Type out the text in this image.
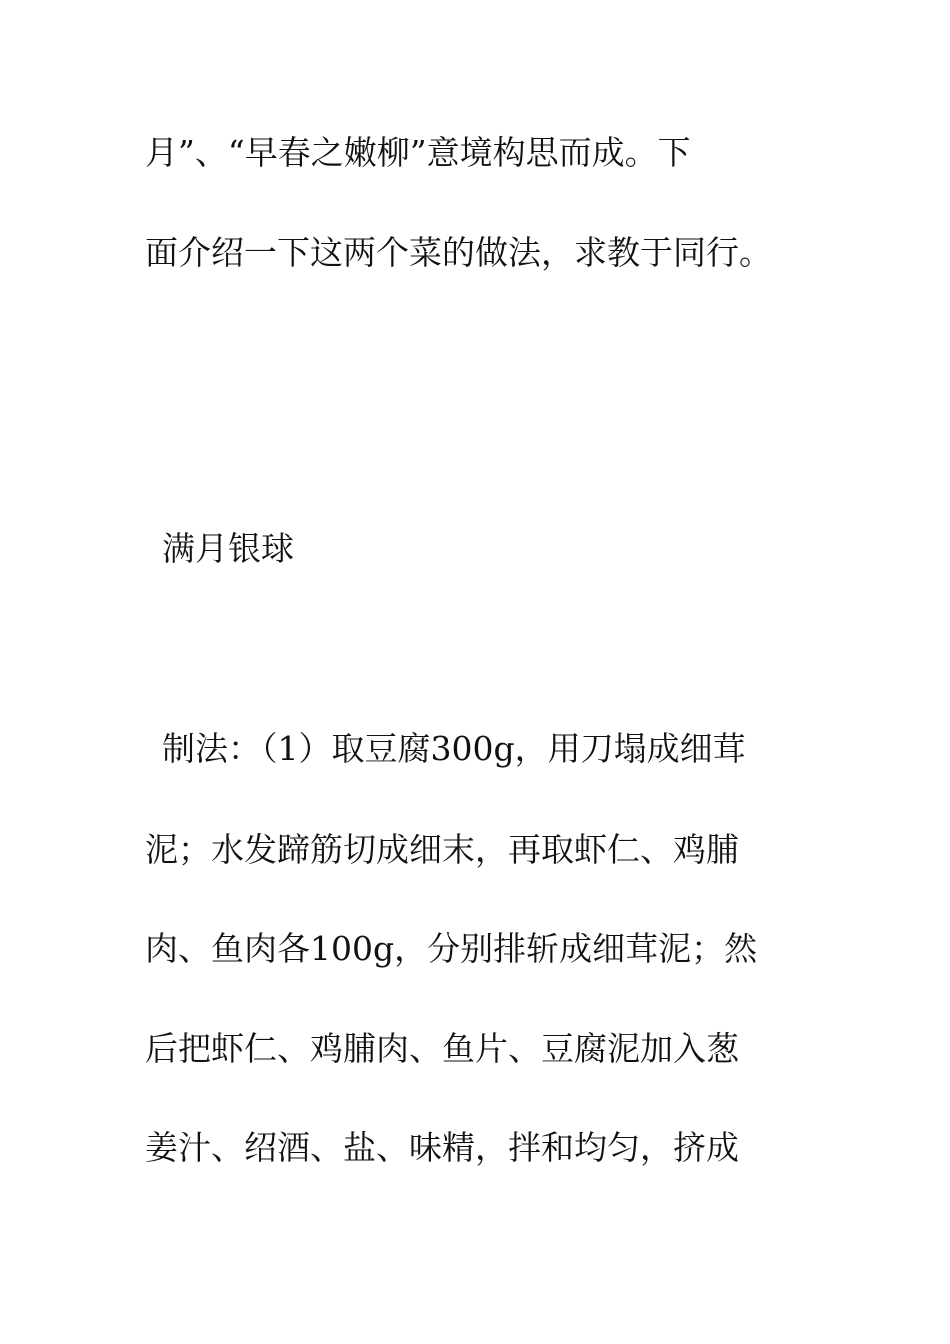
月”、“早春之嫩柳”意境构思而成。下
面介绍一下这两个菜的做法，求教于同行。
满月银球
制法：（1）取豆腐300g，用刀塌成细茸
泥；水发蹄筋切成细末，再取虾仁、鸡脯
肉、鱼肉各100g，分别排斩成细茸泥；然
后把虾仁、鸡脯肉、鱼片、豆腐泥加入葱
姜汁、绍酒、盐、味精，拌和均匀，挤成
